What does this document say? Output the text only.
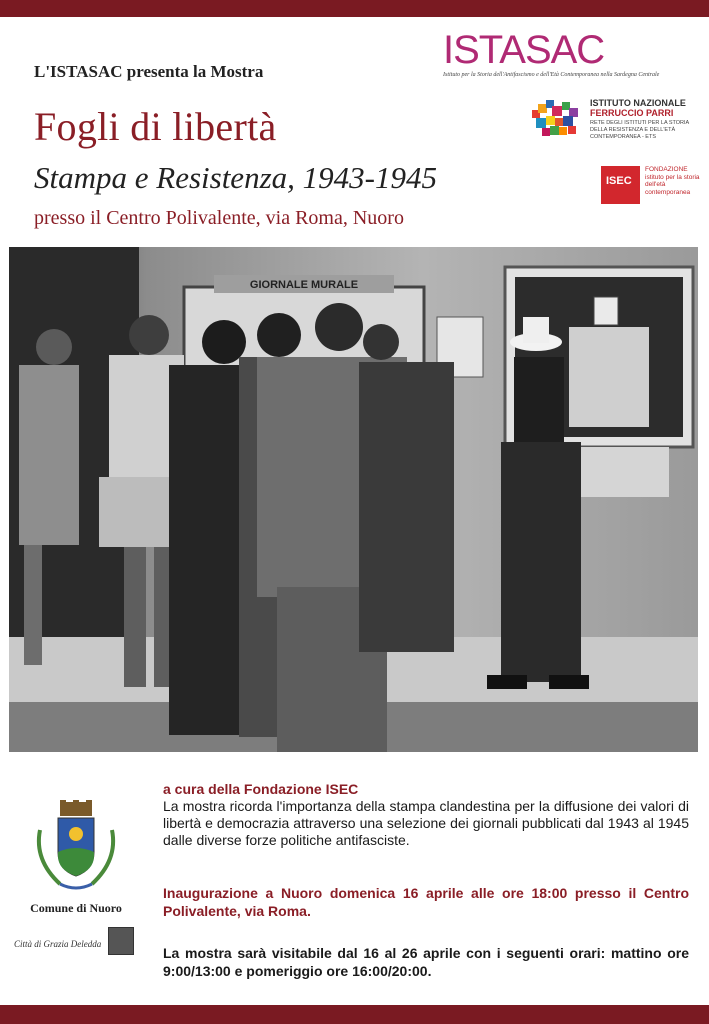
L'ISTASAC presenta la Mostra
Fogli di libertà
Stampa e Resistenza, 1943-1945
presso il Centro Polivalente, via Roma, Nuoro
ISTASAC
Istituto per la Storia dell'Antifascismo e dell'Età Contemporanea nella Sardegna Centrale
ISTITUTO NAZIONALE
FERRUCCIO PARRI
RETE DEGLI ISTITUTI PER LA STORIA DELLA RESISTENZA E DELL'ETÀ CONTEMPORANEA - ETS
ISEC
FONDAZIONE
istituto per la storia dell'età contemporanea
GIORNALE MURALE
a cura della Fondazione ISEC
La mostra ricorda l'importanza della stampa clandestina per la diffusione dei valori di libertà e democrazia attraverso una selezione dei giornali pubblicati dal 1943 al 1945 dalle diverse forze politiche antifasciste.
Inaugurazione a Nuoro domenica 16 aprile alle ore 18:00 presso il Centro Polivalente, via Roma.
La mostra sarà visitabile dal 16 al 26 aprile con i seguenti orari: mattino ore 9:00/13:00 e pomeriggio ore 16:00/20:00.
Comune di Nuoro
Città di Grazia Deledda
